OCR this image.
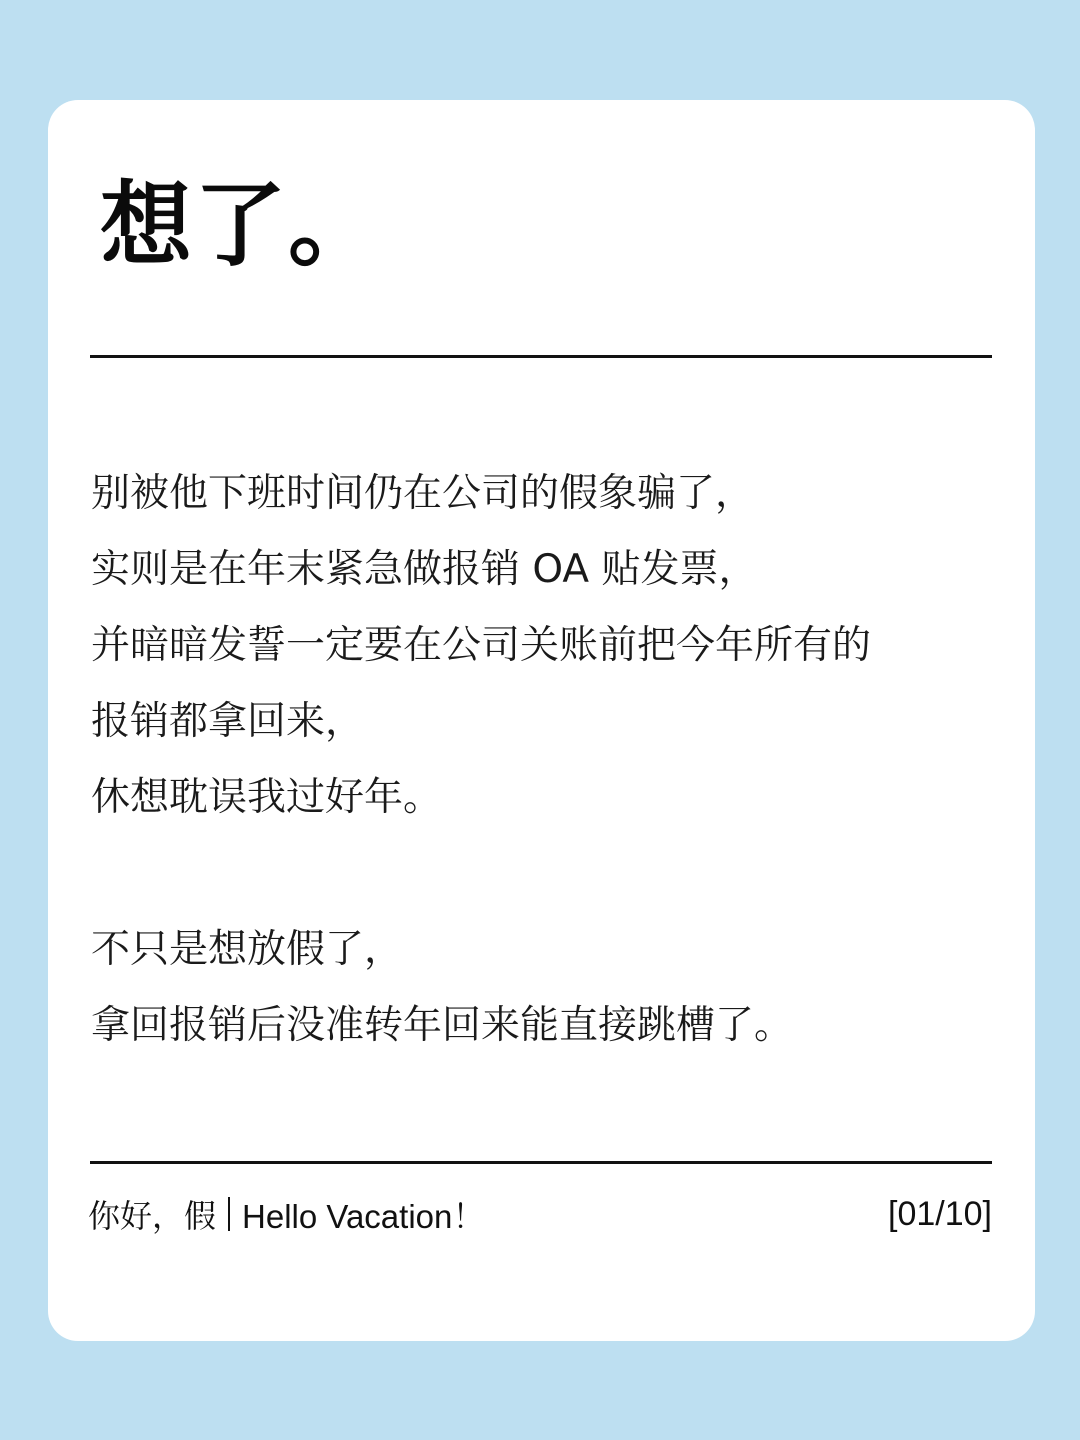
想了。

别被他下班时间仍在公司的假象骗了，
实则是在年末紧急做报销 OA 贴发票，
并暗暗发誓一定要在公司关账前把今年所有的
报销都拿回来，
休想耽误我过好年。

不只是想放假了，
拿回报销后没准转年回来能直接跳槽了。

你好，假 Hello Vacation！	[01/10]
